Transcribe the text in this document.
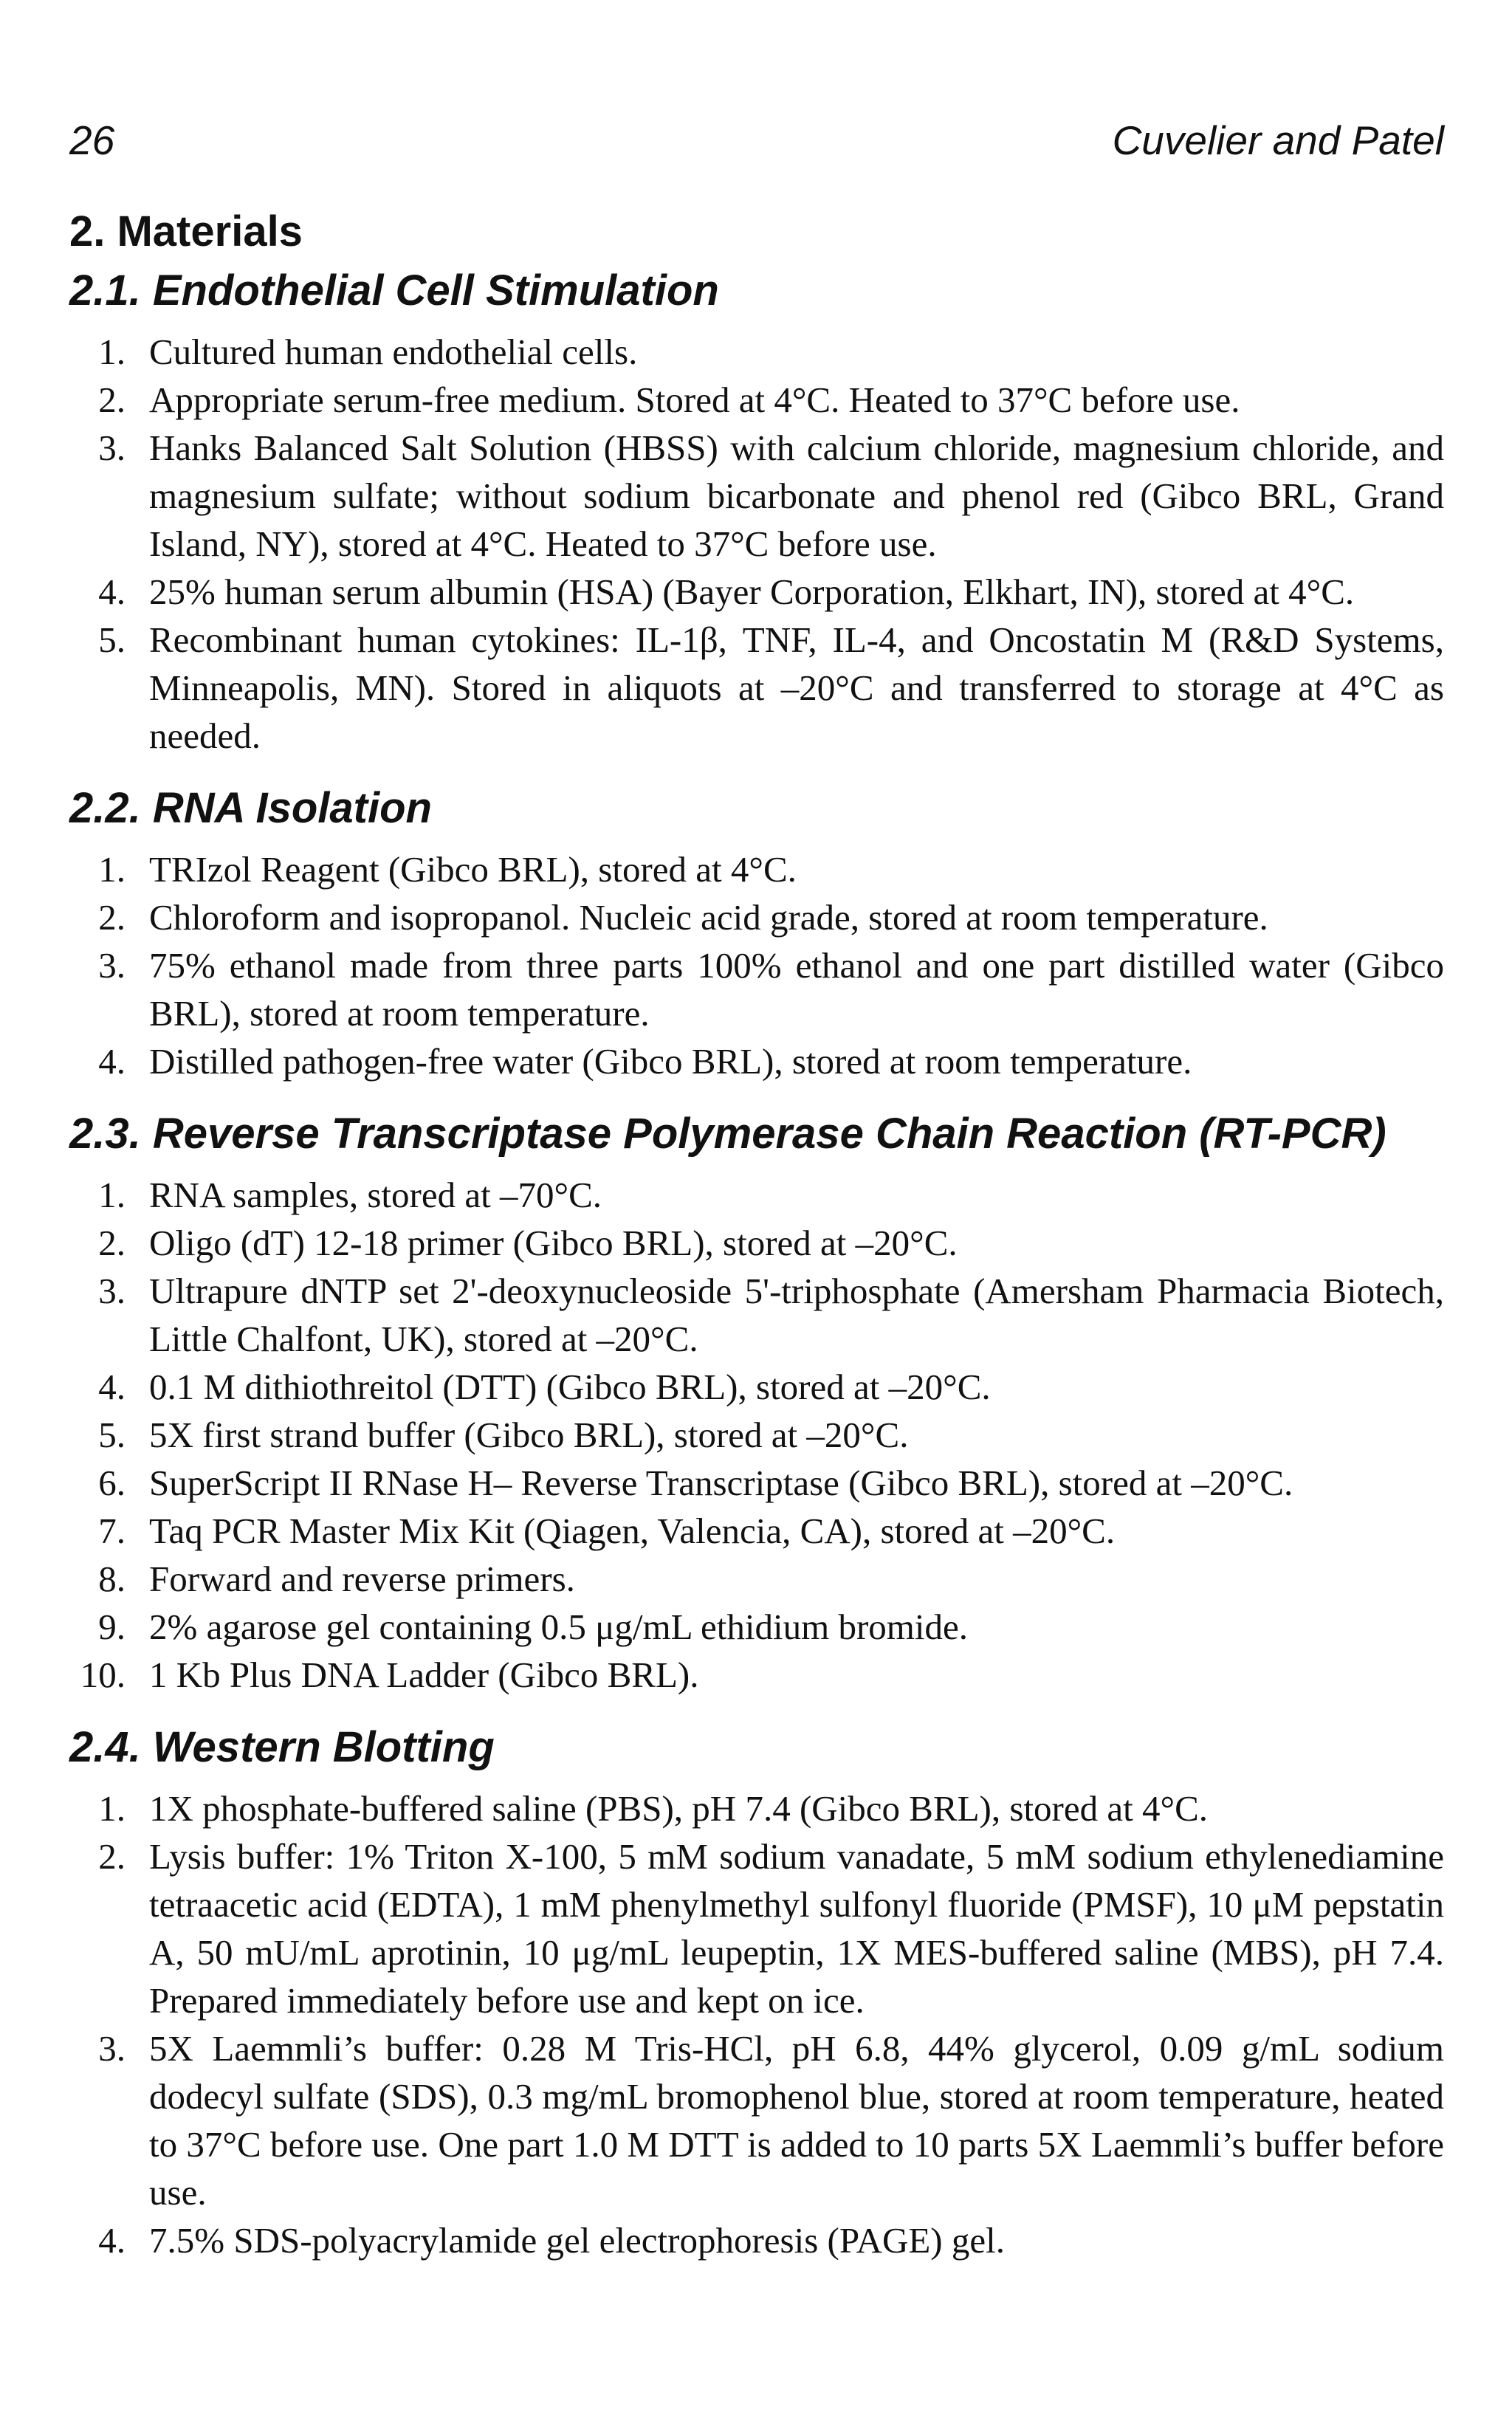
26	Cuvelier and Patel
2. Materials
2.1. Endothelial Cell Stimulation
1. Cultured human endothelial cells.
2. Appropriate serum-free medium. Stored at 4°C. Heated to 37°C before use.
3. Hanks Balanced Salt Solution (HBSS) with calcium chloride, magnesium chloride, and magnesium sulfate; without sodium bicarbonate and phenol red (Gibco BRL, Grand Island, NY), stored at 4°C. Heated to 37°C before use.
4. 25% human serum albumin (HSA) (Bayer Corporation, Elkhart, IN), stored at 4°C.
5. Recombinant human cytokines: IL-1β, TNF, IL-4, and Oncostatin M (R&D Systems, Minneapolis, MN). Stored in aliquots at –20°C and transferred to storage at 4°C as needed.
2.2. RNA Isolation
1. TRIzol Reagent (Gibco BRL), stored at 4°C.
2. Chloroform and isopropanol. Nucleic acid grade, stored at room temperature.
3. 75% ethanol made from three parts 100% ethanol and one part distilled water (Gibco BRL), stored at room temperature.
4. Distilled pathogen-free water (Gibco BRL), stored at room temperature.
2.3. Reverse Transcriptase Polymerase Chain Reaction (RT-PCR)
1. RNA samples, stored at –70°C.
2. Oligo (dT) 12-18 primer (Gibco BRL), stored at –20°C.
3. Ultrapure dNTP set 2'-deoxynucleoside 5'-triphosphate (Amersham Pharmacia Biotech, Little Chalfont, UK), stored at –20°C.
4. 0.1 M dithiothreitol (DTT) (Gibco BRL), stored at –20°C.
5. 5X first strand buffer (Gibco BRL), stored at –20°C.
6. SuperScript II RNase H– Reverse Transcriptase (Gibco BRL), stored at –20°C.
7. Taq PCR Master Mix Kit (Qiagen, Valencia, CA), stored at –20°C.
8. Forward and reverse primers.
9. 2% agarose gel containing 0.5 μg/mL ethidium bromide.
10. 1 Kb Plus DNA Ladder (Gibco BRL).
2.4. Western Blotting
1. 1X phosphate-buffered saline (PBS), pH 7.4 (Gibco BRL), stored at 4°C.
2. Lysis buffer: 1% Triton X-100, 5 mM sodium vanadate, 5 mM sodium ethylenediamine tetraacetic acid (EDTA), 1 mM phenylmethyl sulfonyl fluoride (PMSF), 10 μM pepstatin A, 50 mU/mL aprotinin, 10 μg/mL leupeptin, 1X MES-buffered saline (MBS), pH 7.4. Prepared immediately before use and kept on ice.
3. 5X Laemmli’s buffer: 0.28 M Tris-HCl, pH 6.8, 44% glycerol, 0.09 g/mL sodium dodecyl sulfate (SDS), 0.3 mg/mL bromophenol blue, stored at room temperature, heated to 37°C before use. One part 1.0 M DTT is added to 10 parts 5X Laemmli’s buffer before use.
4. 7.5% SDS-polyacrylamide gel electrophoresis (PAGE) gel.
